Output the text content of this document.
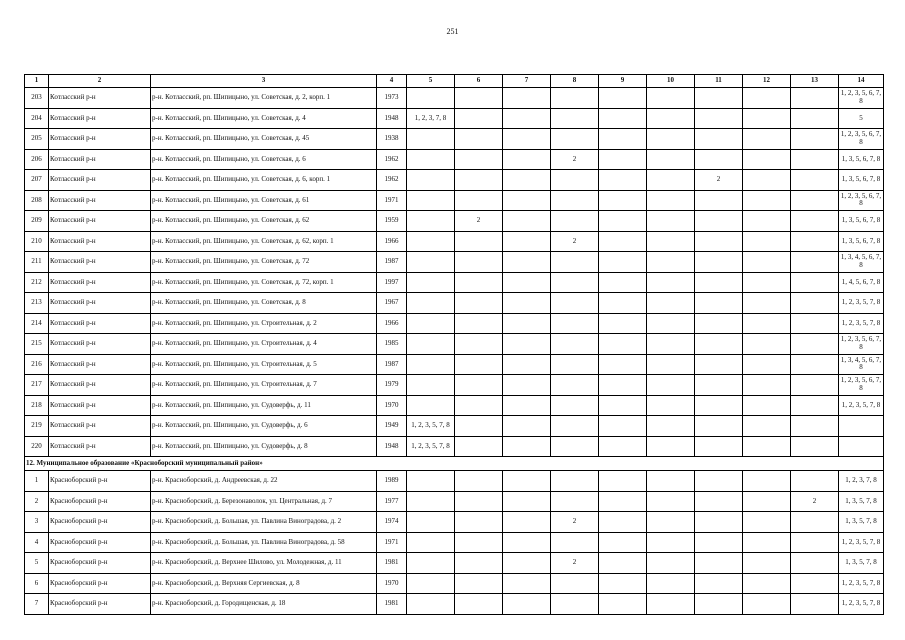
251
1	2	3	4	5	6	7	8	9	10	11	12	13	14
203	Котласский р-н	р-н. Котласский, рп. Шипицыно, ул. Советская, д. 2, корп. 1	1973										1, 2, 3, 5, 6, 7, 8
204	Котласский р-н	р-н. Котласский, рп. Шипицыно, ул. Советская, д. 4	1948	1, 2, 3, 7, 8									5
205	Котласский р-н	р-н. Котласский, рп. Шипицыно, ул. Советская, д. 45	1938										1, 2, 3, 5, 6, 7, 8
206	Котласский р-н	р-н. Котласский, рп. Шипицыно, ул. Советская, д. 6	1962				2						1, 3, 5, 6, 7, 8
207	Котласский р-н	р-н. Котласский, рп. Шипицыно, ул. Советская, д. 6, корп. 1	1962							2			1, 3, 5, 6, 7, 8
208	Котласский р-н	р-н. Котласский, рп. Шипицыно, ул. Советская, д. 61	1971										1, 2, 3, 5, 6, 7, 8
209	Котласский р-н	р-н. Котласский, рп. Шипицыно, ул. Советская, д. 62	1959		2								1, 3, 5, 6, 7, 8
210	Котласский р-н	р-н. Котласский, рп. Шипицыно, ул. Советская, д. 62, корп. 1	1966				2						1, 3, 5, 6, 7, 8
211	Котласский р-н	р-н. Котласский, рп. Шипицыно, ул. Советская, д. 72	1987										1, 3, 4, 5, 6, 7, 8
212	Котласский р-н	р-н. Котласский, рп. Шипицыно, ул. Советская, д. 72, корп. 1	1997										1, 4, 5, 6, 7, 8
213	Котласский р-н	р-н. Котласский, рп. Шипицыно, ул. Советская, д. 8	1967										1, 2, 3, 5, 7, 8
214	Котласский р-н	р-н. Котласский, рп. Шипицыно, ул. Строительная, д. 2	1966										1, 2, 3, 5, 7, 8
215	Котласский р-н	р-н. Котласский, рп. Шипицыно, ул. Строительная, д. 4	1985										1, 2, 3, 5, 6, 7, 8
216	Котласский р-н	р-н. Котласский, рп. Шипицыно, ул. Строительная, д. 5	1987										1, 3, 4, 5, 6, 7, 8
217	Котласский р-н	р-н. Котласский, рп. Шипицыно, ул. Строительная, д. 7	1979										1, 2, 3, 5, 6, 7, 8
218	Котласский р-н	р-н. Котласский, рп. Шипицыно, ул. Судоверфь, д. 11	1970										1, 2, 3, 5, 7, 8
219	Котласский р-н	р-н. Котласский, рп. Шипицыно, ул. Судоверфь, д. 6	1949	1, 2, 3, 5, 7, 8									
220	Котласский р-н	р-н. Котласский, рп. Шипицыно, ул. Судоверфь, д. 8	1948	1, 2, 3, 5, 7, 8									
12. Муниципальное образование «Красноборский муниципальный район»													
1	Красноборский р-н	р-н. Красноборский, д. Андреевская, д. 22	1989										1, 2, 3, 7, 8
2	Красноборский р-н	р-н. Красноборский, д. Березонаволок, ул. Центральная, д. 7	1977									2	1, 3, 5, 7, 8
3	Красноборский р-н	р-н. Красноборский, д. Большая, ул. Павлина Виноградова, д. 2	1974				2						1, 3, 5, 7, 8
4	Красноборский р-н	р-н. Красноборский, д. Большая, ул. Павлина Виноградова, д. 58	1971										1, 2, 3, 5, 7, 8
5	Красноборский р-н	р-н. Красноборский, д. Верхнее Шилово, ул. Молодежная, д. 11	1981				2						1, 3, 5, 7, 8
6	Красноборский р-н	р-н. Красноборский, д. Верхняя Сергиевская, д. 8	1970										1, 2, 3, 5, 7, 8
7	Красноборский р-н	р-н. Красноборский, д. Городищенская, д. 18	1981										1, 2, 3, 5, 7, 8
